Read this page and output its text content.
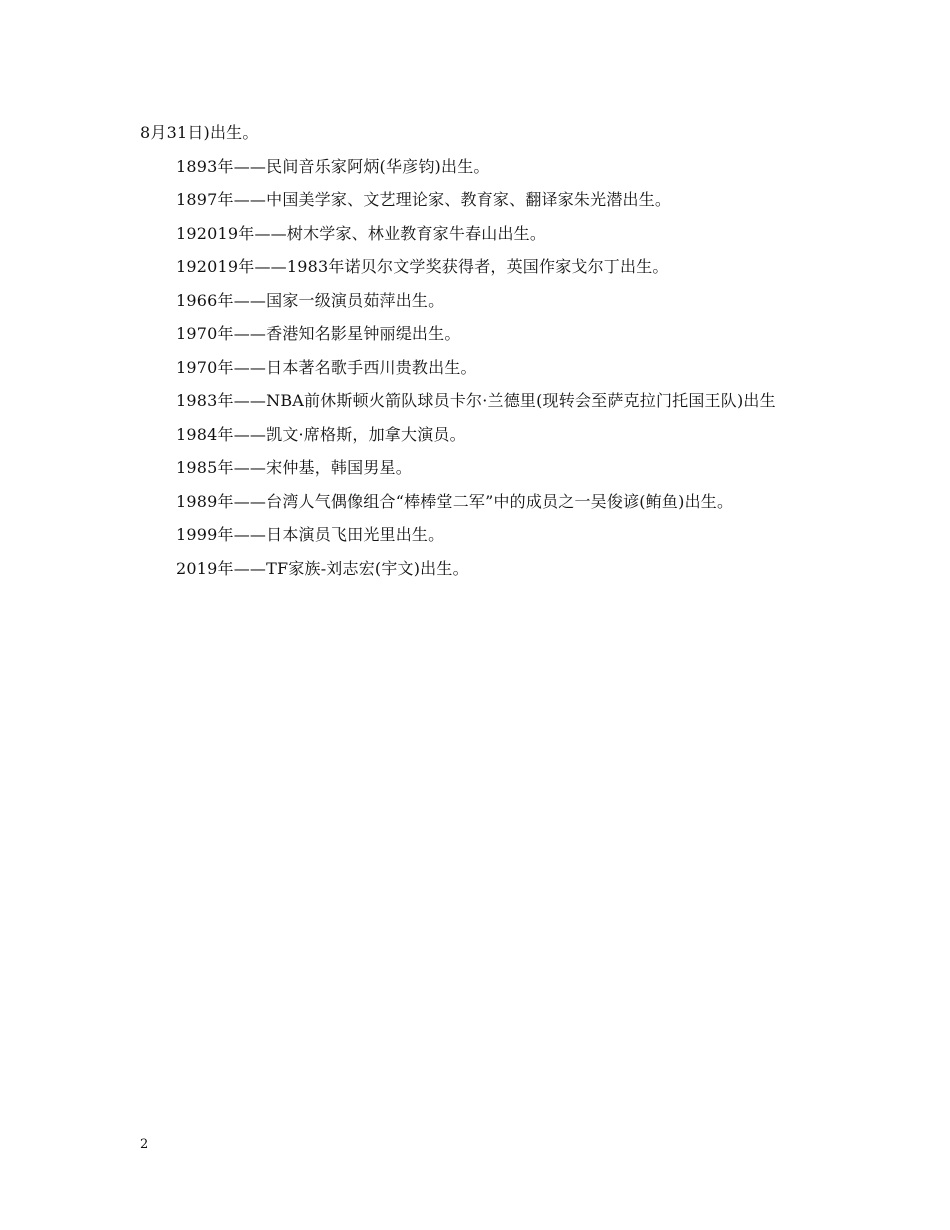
8月31日)出生。

1893年——民间音乐家阿炳(华彦钧)出生。

1897年——中国美学家、文艺理论家、教育家、翻译家朱光潜出生。

192019年——树木学家、林业教育家牛春山出生。

192019年——1983年诺贝尔文学奖获得者，英国作家戈尔丁出生。

1966年——国家一级演员茹萍出生。

1970年——香港知名影星钟丽缇出生。

1970年——日本著名歌手西川贵教出生。

1983年——NBA前休斯顿火箭队球员卡尔·兰德里(现转会至萨克拉门托国王队)出生

1984年——凯文·席格斯，加拿大演员。

1985年——宋仲基，韩国男星。

1989年——台湾人气偶像组合“棒棒堂二军”中的成员之一吴俊谚(鲔鱼)出生。

1999年——日本演员飞田光里出生。

2019年——TF家族-刘志宏(宇文)出生。

2
